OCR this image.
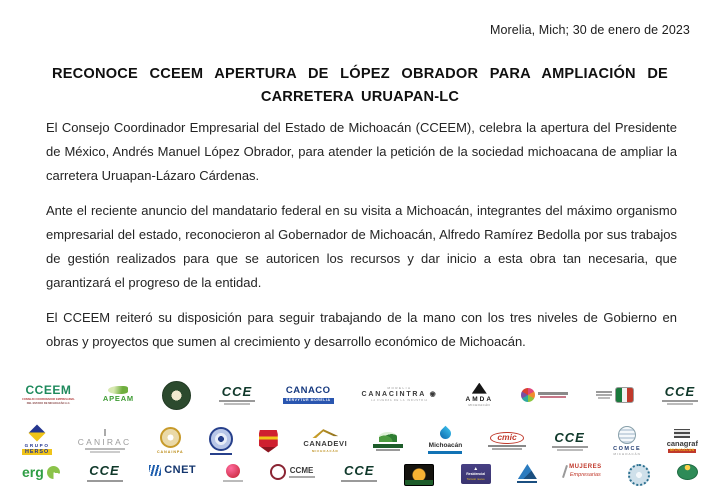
Morelia, Mich; 30 de enero de 2023
RECONOCE CCEEM APERTURA DE LÓPEZ OBRADOR PARA AMPLIACIÓN DE CARRETERA URUAPAN-LC

El Consejo Coordinador Empresarial del Estado de Michoacán (CCEEM), celebra la apertura del Presidente de México, Andrés Manuel López Obrador, para atender la petición de la sociedad michoacana de ampliar la carretera Uruapan-Lázaro Cárdenas.

Ante el reciente anuncio del mandatario federal en su visita a Michoacán, integrantes del máximo organismo empresarial del estado, reconocieron al Gobernador de Michoacán, Alfredo Ramírez Bedolla por sus trabajos de gestión realizados para que se autoricen los recursos y dar inicio a esta obra tan necesaria, que garantizará el progreso de la entidad.

El CCEEM reiteró su disposición para seguir trabajando de la mano con los tres niveles de Gobierno en obras y proyectos que sumen al crecimiento y desarrollo económico de Michoacán.

CCEEM
CONSEJO COORDINADOR EMPRESARIAL
DEL ESTADO DE MICHOACÁN A.C.
APEAM
CCE	CANACO
SERVYTUR MORELIA
MORELIA
CANACINTRA ◉
LA FUERZA DE LA INDUSTRIA	AMDA
MICHOACÁN
CCE
GRUPO
HERSO
CANIRAC
CANAINPA
CANADEVI
MICHOACÁN
Michoacán
cmic	CCE
COMCE
MICHOACÁN
canagraf
MICHOACÁN
erg	CCE	CNET	CCME CCE	▲
Residencial
Torreón nuevo
MUJERES
Empresarias
